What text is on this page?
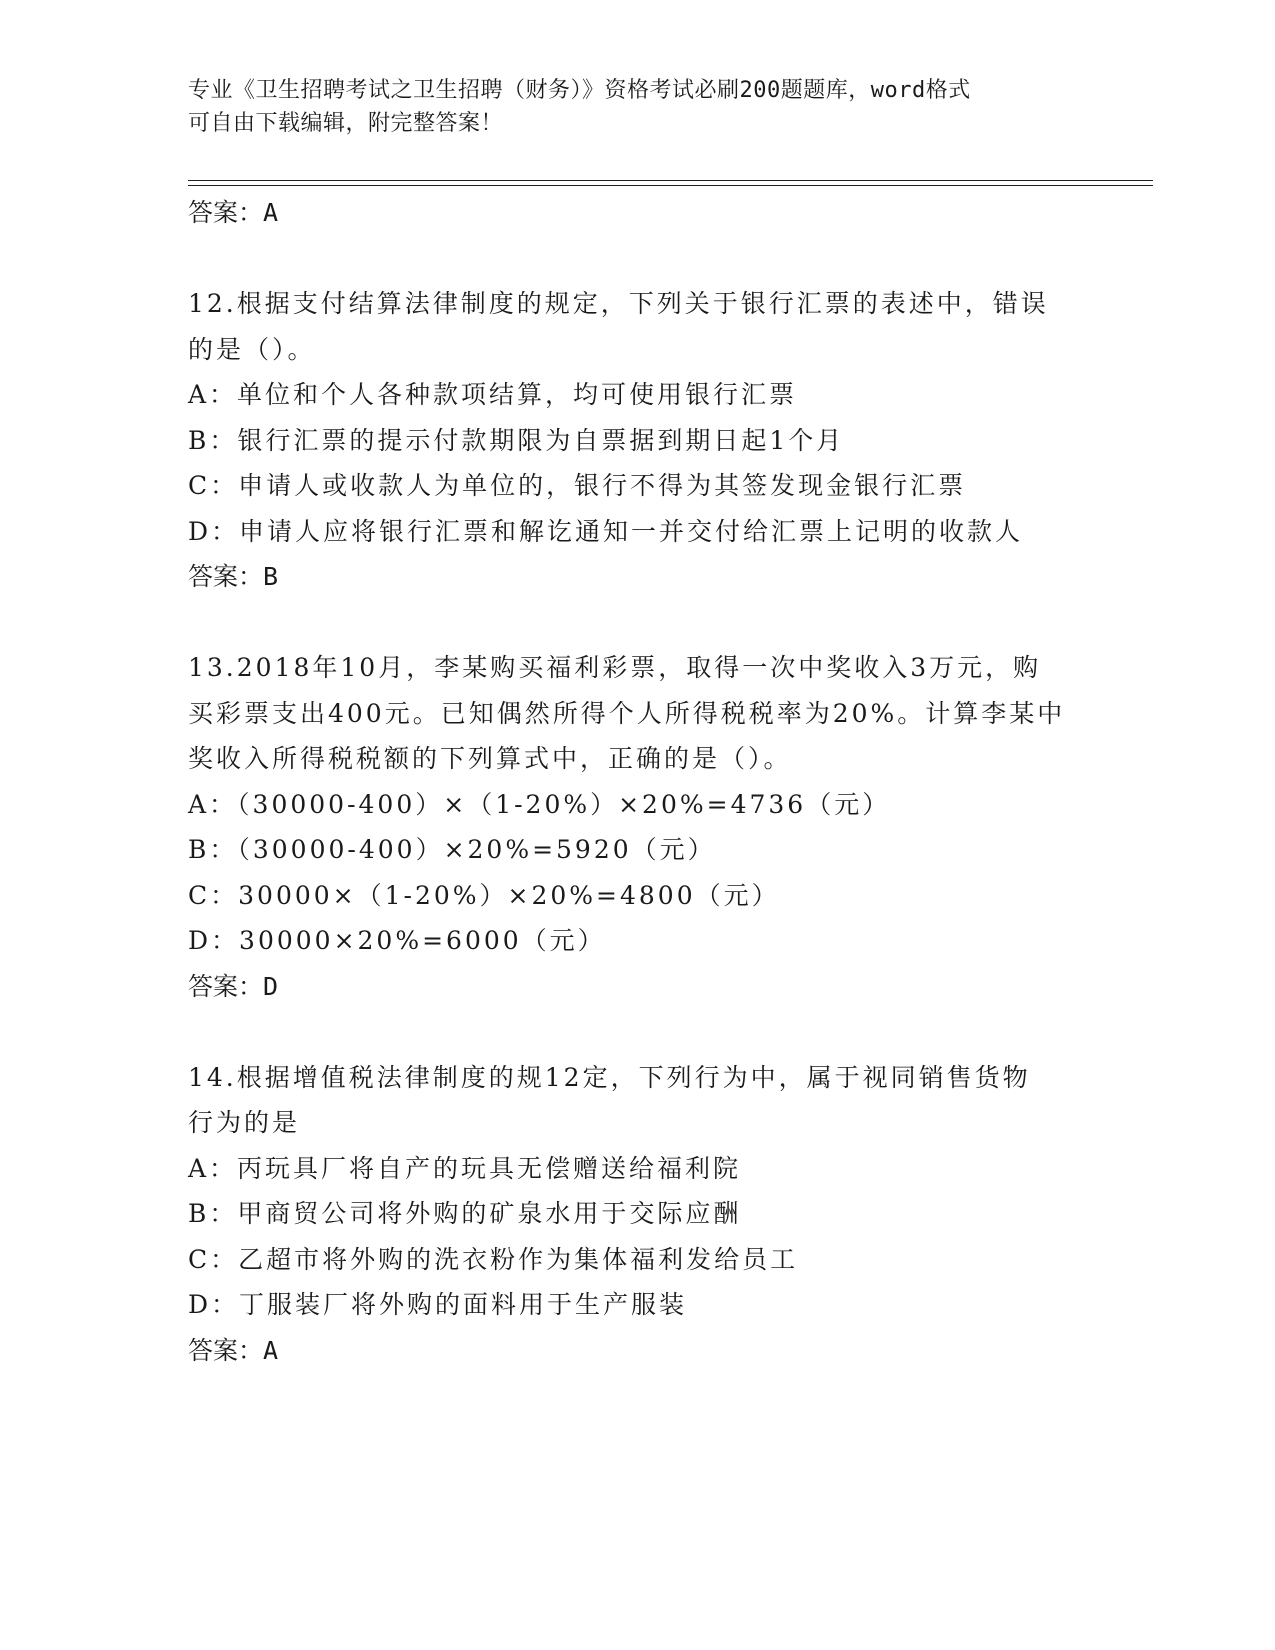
专业《卫生招聘考试之卫生招聘（财务）》资格考试必刷200题题库，word格式
可自由下载编辑，附完整答案！
答案：A
12.根据支付结算法律制度的规定，下列关于银行汇票的表述中，错误
的是（）。
A：单位和个人各种款项结算，均可使用银行汇票
B：银行汇票的提示付款期限为自票据到期日起1个月
C：申请人或收款人为单位的，银行不得为其签发现金银行汇票
D：申请人应将银行汇票和解讫通知一并交付给汇票上记明的收款人
答案：B
13.2018年10月，李某购买福利彩票，取得一次中奖收入3万元，购
买彩票支出400元。已知偶然所得个人所得税税率为20%。计算李某中
奖收入所得税税额的下列算式中，正确的是（）。
A：（30000-400）×（1-20%）×20%=4736（元）
B：（30000-400）×20%=5920（元）
C：30000×（1-20%）×20%=4800（元）
D：30000×20%=6000（元）
答案：D
14.根据增值税法律制度的规12定，下列行为中，属于视同销售货物
行为的是
A：丙玩具厂将自产的玩具无偿赠送给福利院
B：甲商贸公司将外购的矿泉水用于交际应酬
C：乙超市将外购的洗衣粉作为集体福利发给员工
D：丁服装厂将外购的面料用于生产服装
答案：A
